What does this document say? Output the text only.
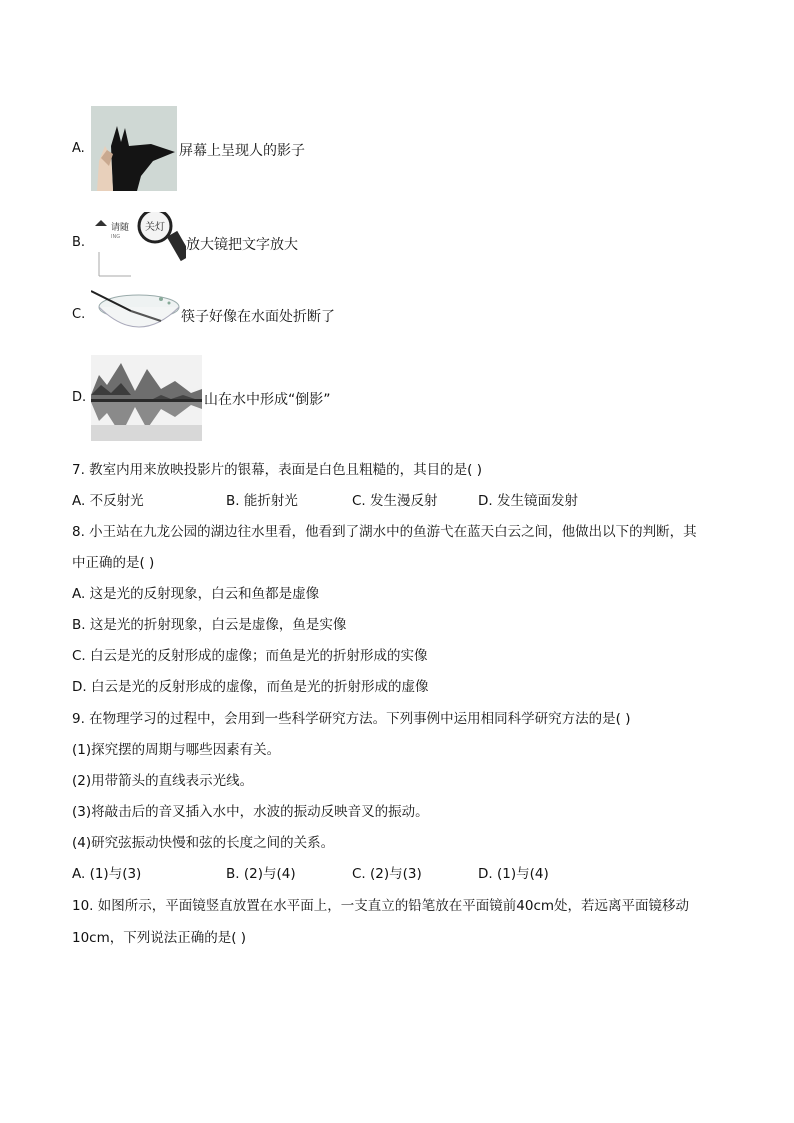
A.	屏幕上呈现人的影子
B.
请随
ING
关灯
放大镜把文字放大
C.	筷子好像在水面处折断了
D.	山在水中形成“倒影”
7. 教室内用来放映投影片的银幕，表面是白色且粗糙的，其目的是( )
A. 不反射光	B. 能折射光	C. 发生漫反射	D. 发生镜面发射
8. 小王站在九龙公园的湖边往水里看，他看到了湖水中的鱼游弋在蓝天白云之间，他做出以下的判断，其
中正确的是( )
A. 这是光的反射现象，白云和鱼都是虚像
B. 这是光的折射现象，白云是虚像，鱼是实像
C. 白云是光的反射形成的虚像；而鱼是光的折射形成的实像
D. 白云是光的反射形成的虚像，而鱼是光的折射形成的虚像
9. 在物理学习的过程中，会用到一些科学研究方法。下列事例中运用相同科学研究方法的是( )
(1)探究摆的周期与哪些因素有关。
(2)用带箭头的直线表示光线。
(3)将敲击后的音叉插入水中，水波的振动反映音叉的振动。
(4)研究弦振动快慢和弦的长度之间的关系。
A. (1)与(3)	B. (2)与(4)	C. (2)与(3)	D. (1)与(4)
10. 如图所示，平面镜竖直放置在水平面上，一支直立的铅笔放在平面镜前40cm处，若远离平面镜移动
10cm，下列说法正确的是( )
